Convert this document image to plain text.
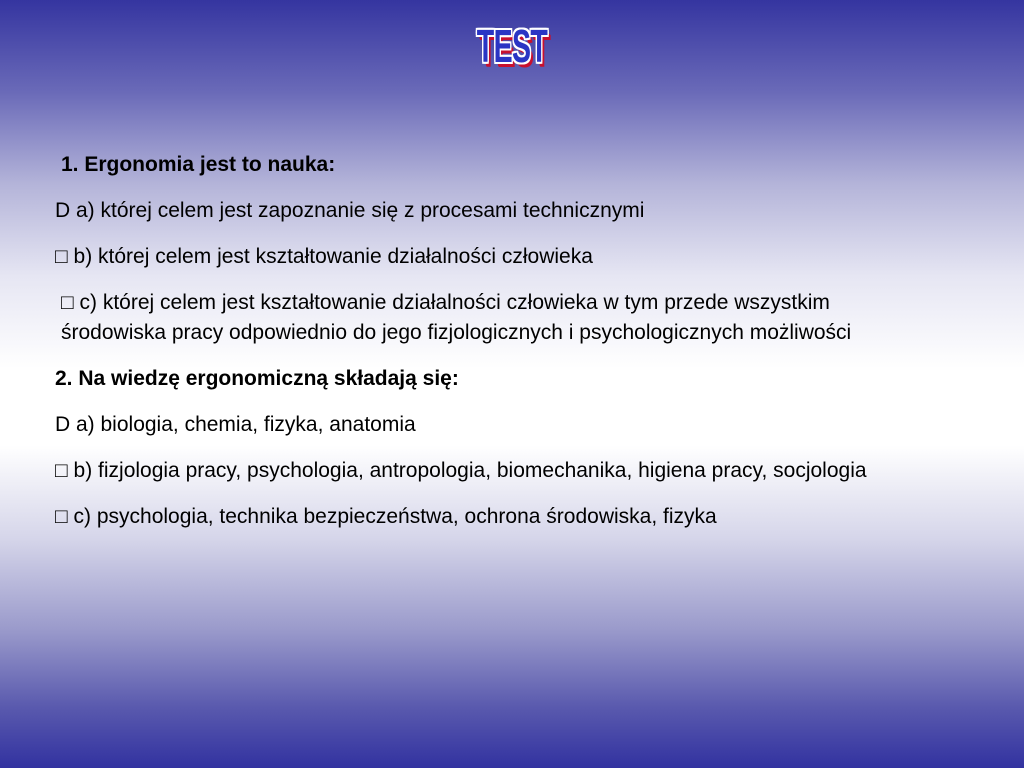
TEST

1. Ergonomia jest to nauka:

D a) której celem jest zapoznanie się z procesami technicznymi

□ b) której celem jest kształtowanie działalności człowieka

□ c) której celem jest kształtowanie działalności człowieka w tym przede wszystkim środowiska pracy odpowiednio do jego fizjologicznych i psychologicznych możliwości

2. Na wiedzę ergonomiczną składają się:

D a) biologia, chemia, fizyka, anatomia

□ b) fizjologia pracy, psychologia, antropologia, biomechanika, higiena pracy, socjologia

□ c) psychologia, technika bezpieczeństwa, ochrona środowiska, fizyka
